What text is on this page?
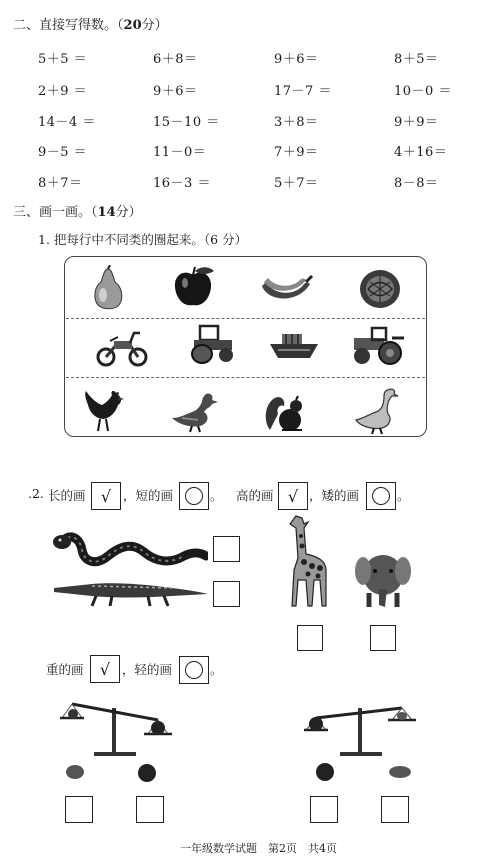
二、直接写得数。（20分）
5＋5 ＝	6＋8＝	9＋6＝	8＋5＝
2＋9 ＝	9＋6＝	17－7 ＝	10－0 ＝
14－4 ＝	15－10 ＝	3＋8＝	9＋9＝
9－5 ＝	11－0＝	7＋9＝	4＋16＝
8＋7＝	16－3 ＝	5＋7＝	8－8＝
三、画一画。（14分）
1. 把每行中不同类的圈起来。（6 分）
.2. 长的画 √ ，短的画	。 高的画 √ ，矮的画	。
重的画 √ ，轻的画	。
一年级数学试题　第2页　共4页
